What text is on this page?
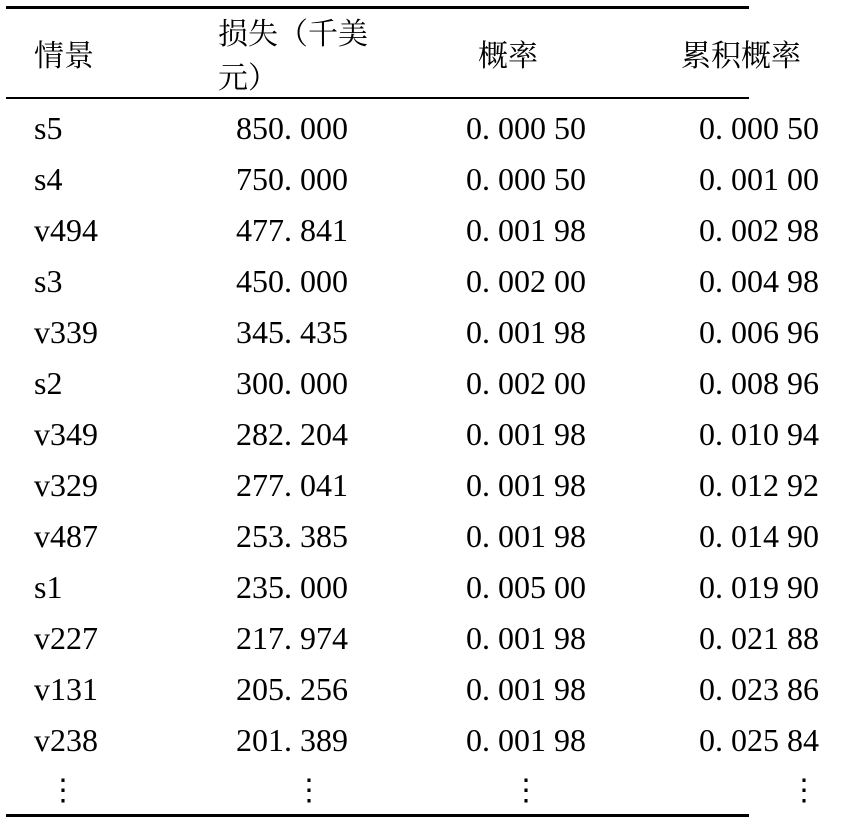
情景	损失（千美元）	概率	累积概率
s5	850. 000	0. 000 50	0. 000 50
s4	750. 000	0. 000 50	0. 001 00
v494	477. 841	0. 001 98	0. 002 98
s3	450. 000	0. 002 00	0. 004 98
v339	345. 435	0. 001 98	0. 006 96
s2	300. 000	0. 002 00	0. 008 96
v349	282. 204	0. 001 98	0. 010 94
v329	277. 041	0. 001 98	0. 012 92
v487	253. 385	0. 001 98	0. 014 90
s1	235. 000	0. 005 00	0. 019 90
v227	217. 974	0. 001 98	0. 021 88
v131	205. 256	0. 001 98	0. 023 86
v238	201. 389	0. 001 98	0. 025 84
⋮	⋮	⋮	⋮
